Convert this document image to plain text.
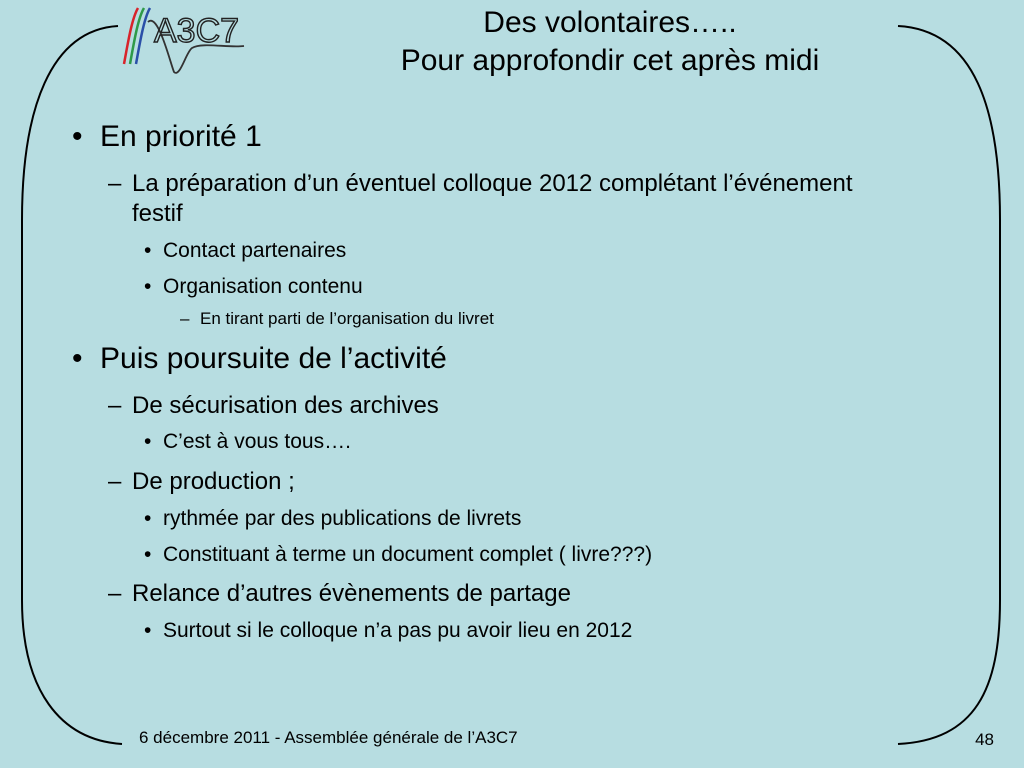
A3C7	Des volontaires…..
Pour approfondir cet après midi
• En priorité 1
– La préparation d’un éventuel colloque 2012 complétant l’événement
festif
• Contact partenaires
• Organisation contenu
– En tirant parti de l’organisation du livret
• Puis poursuite de l’activité
– De sécurisation des archives
• C’est à vous tous….
– De production ;
• rythmée par des publications de livrets
• Constituant à terme un document complet ( livre???)
– Relance d’autres évènements de partage
• Surtout si le colloque n’a pas pu avoir lieu en 2012
6 décembre 2011 - Assemblée générale de l’A3C7	48
